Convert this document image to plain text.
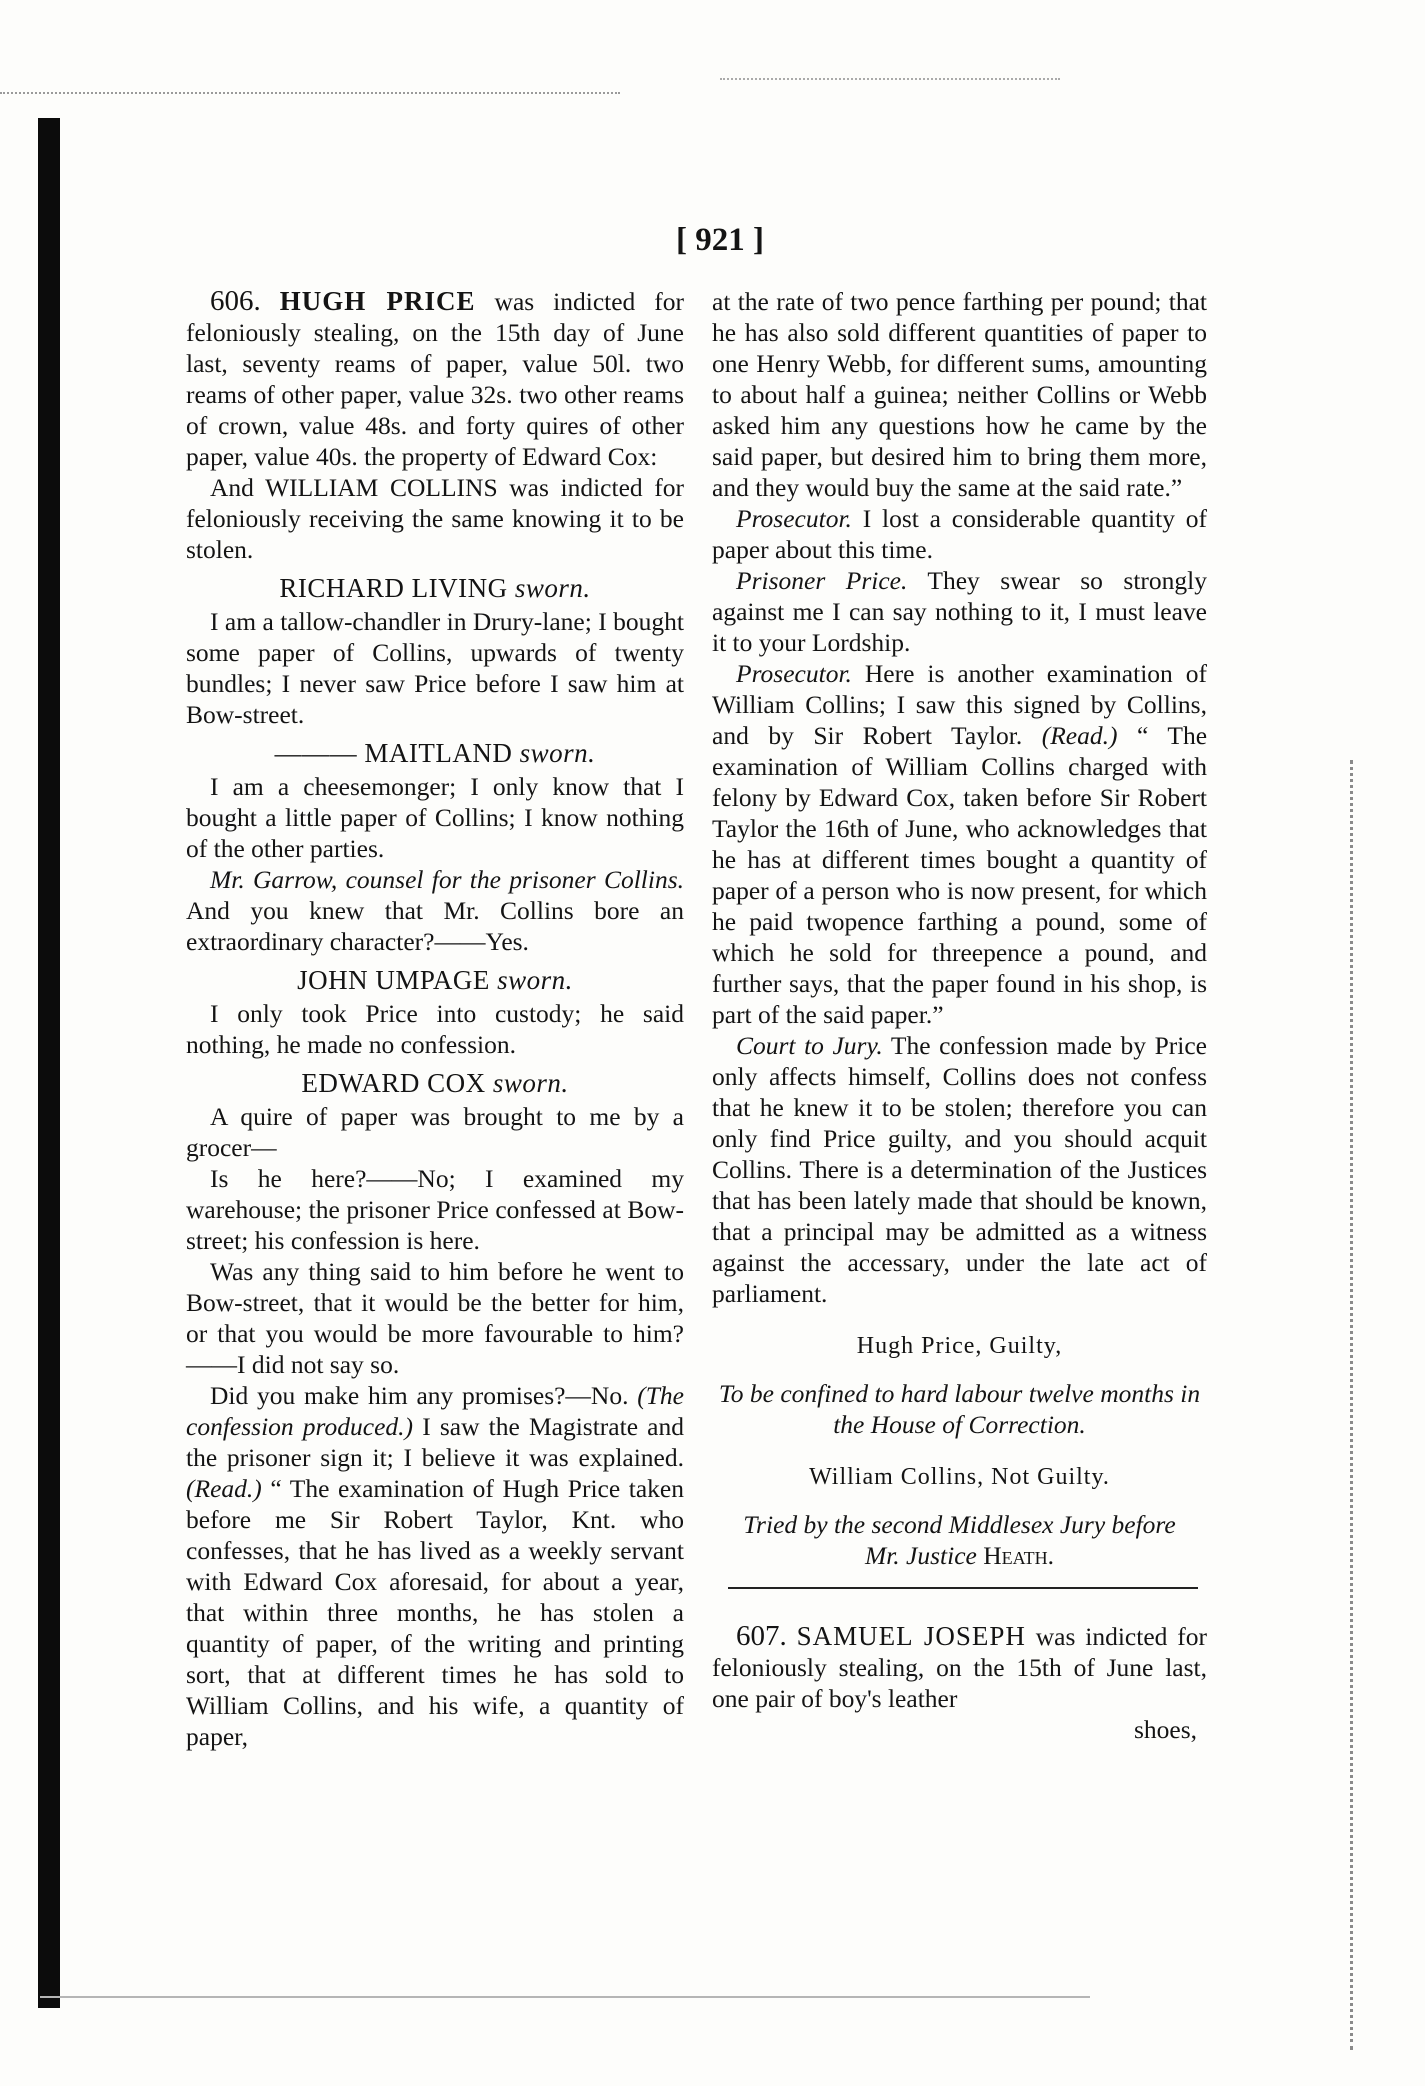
[ 921 ]

606. HUGH PRICE was indicted for feloniously stealing, on the 15th day of June last, seventy reams of paper, value 50l. two reams of other paper, value 32s. two other reams of crown, value 48s. and forty quires of other paper, value 40s. the property of Edward Cox:

And WILLIAM COLLINS was indicted for feloniously receiving the same knowing it to be stolen.

RICHARD LIVING sworn.

I am a tallow-chandler in Drury-lane; I bought some paper of Collins, upwards of twenty bundles; I never saw Price before I saw him at Bow-street.

——— MAITLAND sworn.

I am a cheesemonger; I only know that I bought a little paper of Collins; I know nothing of the other parties.

Mr. Garrow, counsel for the prisoner Collins. And you knew that Mr. Collins bore an extraordinary character?——Yes.

JOHN UMPAGE sworn.

I only took Price into custody; he said nothing, he made no confession.

EDWARD COX sworn.

A quire of paper was brought to me by a grocer—

Is he here?——No; I examined my warehouse; the prisoner Price confessed at Bow-street; his confession is here.

Was any thing said to him before he went to Bow-street, that it would be the better for him, or that you would be more favourable to him?——I did not say so.

Did you make him any promises?—No. (The confession produced.) I saw the Magistrate and the prisoner sign it; I believe it was explained. (Read.) “ The examination of Hugh Price taken before me Sir Robert Taylor, Knt. who confesses, that he has lived as a weekly servant with Edward Cox aforesaid, for about a year, that within three months, he has stolen a quantity of paper, of the writing and printing sort, that at different times he has sold to William Collins, and his wife, a quantity of paper,

at the rate of two pence farthing per pound; that he has also sold different quantities of paper to one Henry Webb, for different sums, amounting to about half a guinea; neither Collins or Webb asked him any questions how he came by the said paper, but desired him to bring them more, and they would buy the same at the said rate.”

Prosecutor. I lost a considerable quantity of paper about this time.

Prisoner Price. They swear so strongly against me I can say nothing to it, I must leave it to your Lordship.

Prosecutor. Here is another examination of William Collins; I saw this signed by Collins, and by Sir Robert Taylor. (Read.) “ The examination of William Collins charged with felony by Edward Cox, taken before Sir Robert Taylor the 16th of June, who acknowledges that he has at different times bought a quantity of paper of a person who is now present, for which he paid twopence farthing a pound, some of which he sold for threepence a pound, and further says, that the paper found in his shop, is part of the said paper.”

Court to Jury. The confession made by Price only affects himself, Collins does not confess that he knew it to be stolen; therefore you can only find Price guilty, and you should acquit Collins. There is a determination of the Justices that has been lately made that should be known, that a principal may be admitted as a witness against the accessary, under the late act of parliament.

Hugh Price, Guilty,
To be confined to hard labour twelve months in the House of Correction.
William Collins, Not Guilty.
Tried by the second Middlesex Jury before
Mr. Justice Heath.

607. SAMUEL JOSEPH was indicted for feloniously stealing, on the 15th of June last, one pair of boy's leather

shoes,
